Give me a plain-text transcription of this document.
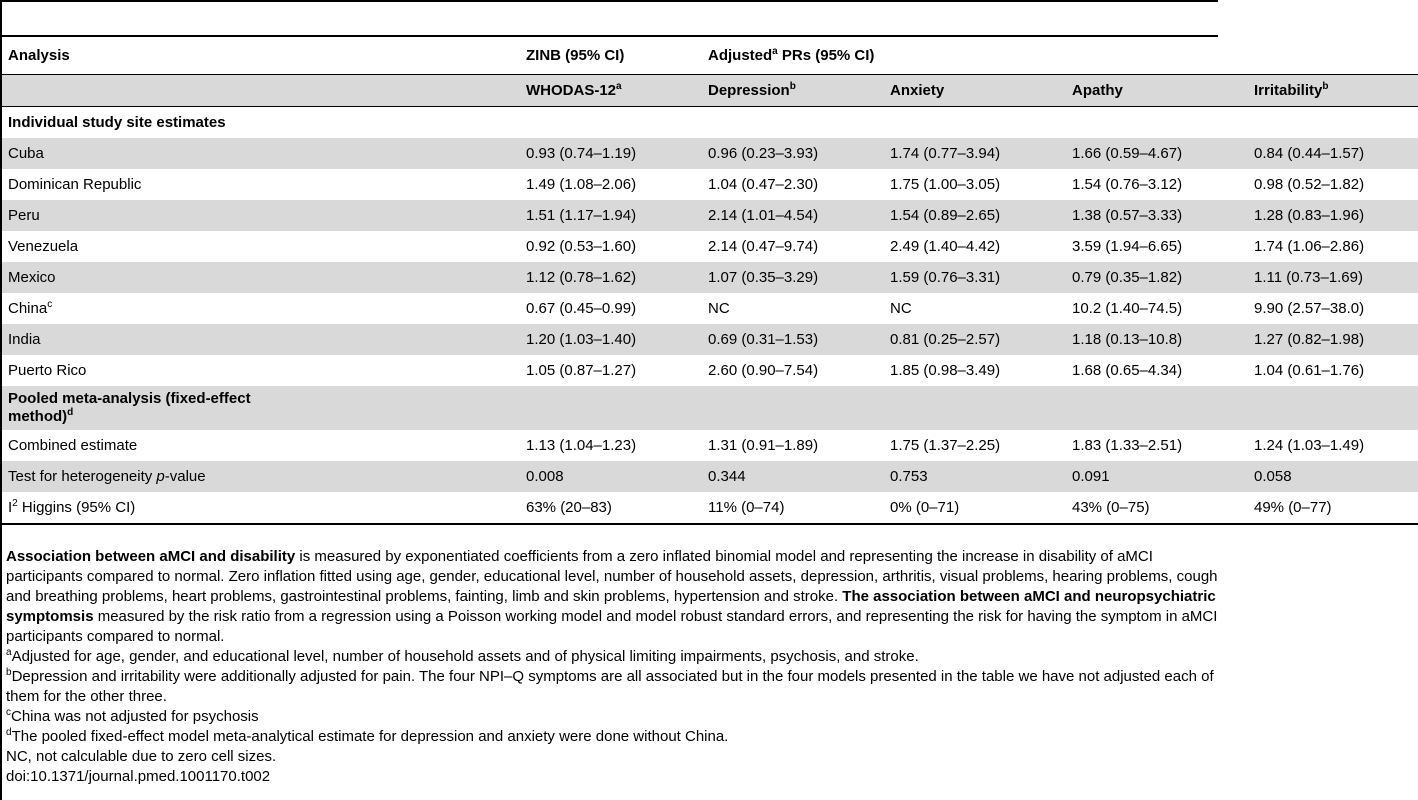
Analysis	ZINB (95% CI)	Adjusted$^a$ PRs (95% CI)			
	WHODAS-12$^a$	Depression$^b$	Anxiety	Apathy	Irritability$^b$
Individual study site estimates					
Cuba	0.93 (0.74–1.19)	0.96 (0.23–3.93)	1.74 (0.77–3.94)	1.66 (0.59–4.67)	0.84 (0.44–1.57)
Dominican Republic	1.49 (1.08–2.06)	1.04 (0.47–2.30)	1.75 (1.00–3.05)	1.54 (0.76–3.12)	0.98 (0.52–1.82)
Peru	1.51 (1.17–1.94)	2.14 (1.01–4.54)	1.54 (0.89–2.65)	1.38 (0.57–3.33)	1.28 (0.83–1.96)
Venezuela	0.92 (0.53–1.60)	2.14 (0.47–9.74)	2.49 (1.40–4.42)	3.59 (1.94–6.65)	1.74 (1.06–2.86)
Mexico	1.12 (0.78–1.62)	1.07 (0.35–3.29)	1.59 (0.76–3.31)	0.79 (0.35–1.82)	1.11 (0.73–1.69)
China$^c$	0.67 (0.45–0.99)	NC	NC	10.2 (1.40–74.5)	9.90 (2.57–38.0)
India	1.20 (1.03–1.40)	0.69 (0.31–1.53)	0.81 (0.25–2.57)	1.18 (0.13–10.8)	1.27 (0.82–1.98)
Puerto Rico	1.05 (0.87–1.27)	2.60 (0.90–7.54)	1.85 (0.98–3.49)	1.68 (0.65–4.34)	1.04 (0.61–1.76)

Pooled meta-analysis (fixed-effect method)$^d$

Combined estimate	1.13 (1.04–1.23)	1.31 (0.91–1.89)	1.75 (1.37–2.25)	1.83 (1.33–2.51)	1.24 (1.03–1.49)
Test for heterogeneity p-value	0.008	0.344	0.753	0.091	0.058
$I^2$ Higgins (95% CI)	63% (20–83)	11% (0–74)	0% (0–71)	43% (0–75)	49% (0–77)

Association between aMCI and disability is measured by exponentiated coefficients from a zero inflated binomial model and representing the increase in disability of aMCI participants compared to normal. Zero inflation fitted using age, gender, educational level, number of household assets, depression, arthritis, visual problems, hearing problems, cough and breathing problems, heart problems, gastrointestinal problems, fainting, limb and skin problems, hypertension and stroke. The association between aMCI and neuropsychiatric symptomsis measured by the risk ratio from a regression using a Poisson working model and model robust standard errors, and representing the risk for having the symptom in aMCI participants compared to normal.

$^a$Adjusted for age, gender, and educational level, number of household assets and of physical limiting impairments, psychosis, and stroke.

$^b$Depression and irritability were additionally adjusted for pain. The four NPI–Q symptoms are all associated but in the four models presented in the table we have not adjusted each of them for the other three.

$^c$China was not adjusted for psychosis

$^d$The pooled fixed-effect model meta-analytical estimate for depression and anxiety were done without China.

NC, not calculable due to zero cell sizes.

doi:10.1371/journal.pmed.1001170.t002
